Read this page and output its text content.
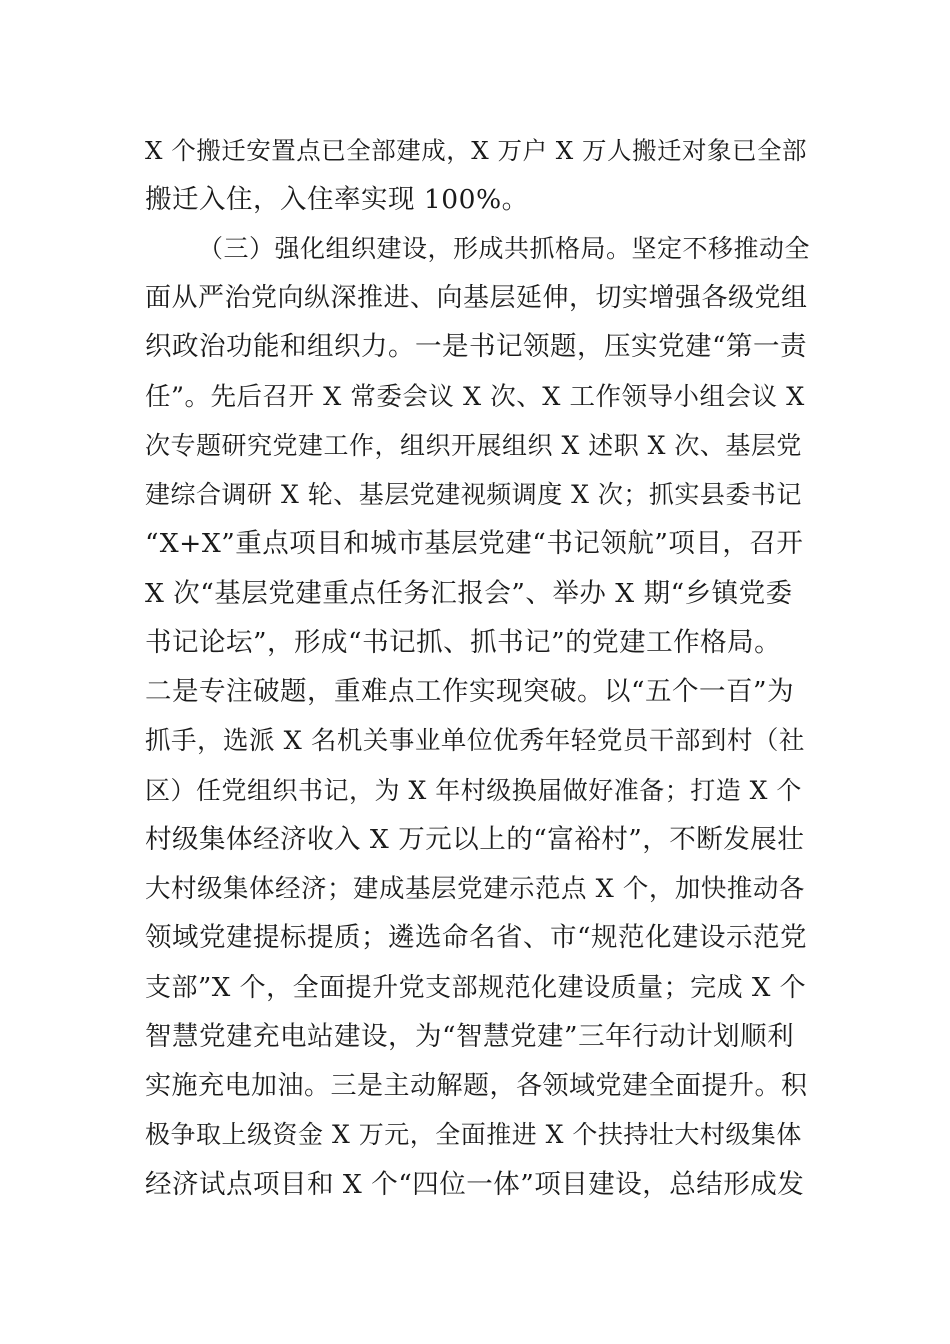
X 个搬迁安置点已全部建成，X 万户 X 万人搬迁对象已全部
搬迁入住，入住率实现 100%。
（三）强化组织建设，形成共抓格局。坚定不移推动全
面从严治党向纵深推进、向基层延伸，切实增强各级党组
织政治功能和组织力。一是书记领题，压实党建“第一责
任”。先后召开 X 常委会议 X 次、X 工作领导小组会议 X
次专题研究党建工作，组织开展组织 X 述职 X 次、基层党
建综合调研 X 轮、基层党建视频调度 X 次；抓实县委书记
“X+X”重点项目和城市基层党建“书记领航”项目，召开
X 次“基层党建重点任务汇报会”、举办 X 期“乡镇党委
书记论坛”，形成“书记抓、抓书记”的党建工作格局。
二是专注破题，重难点工作实现突破。以“五个一百”为
抓手，选派 X 名机关事业单位优秀年轻党员干部到村（社
区）任党组织书记，为 X 年村级换届做好准备；打造 X 个
村级集体经济收入 X 万元以上的“富裕村”，不断发展壮
大村级集体经济；建成基层党建示范点 X 个，加快推动各
领域党建提标提质；遴选命名省、市“规范化建设示范党
支部”X 个，全面提升党支部规范化建设质量；完成 X 个
智慧党建充电站建设，为“智慧党建”三年行动计划顺利
实施充电加油。三是主动解题，各领域党建全面提升。积
极争取上级资金 X 万元，全面推进 X 个扶持壮大村级集体
经济试点项目和 X 个“四位一体”项目建设，总结形成发
